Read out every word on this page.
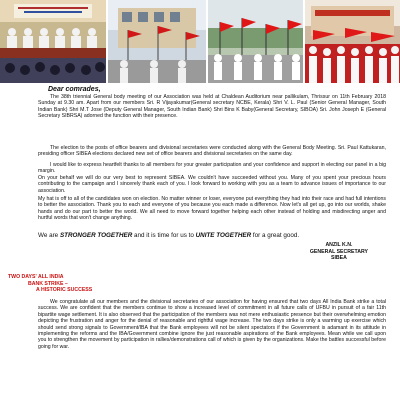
Dear comrades,

The 38th triennial General body meeting of our Association was held at Chaldean Auditorium near pallikulam, Thrissur on 11th February 2018 Sunday at 9.30 am. Apart from our members Sri. R Vijayakumar(General secretary NCBE, Kerala) Shri V. L. Paul (Senior General Manager, South Indian Bank) Shri M.T Jose (Deputy General Manager, South Indian Bank) Shri Bins K Baby(General Secretary, SIBOA) Sri. John Joseph E (General Secretary SIBRSA) adorned the function with their presence.

The election to the posts of office bearers and divisional secretaries were conducted along with the General Body Meeting. Sri. Paul Kattukaran, presiding officer SIBEA elections declared new set of office bearers and divisional secretaries on the same day.

I would like to express heartfelt thanks to all members for your greater participation and your confidence and support in electing our panel in a big margin.

On your behalf we will do our very best to represent SIBEA. We couldn't have succeeded without you. Many of you spent your precious hours contributing to the campaign and I sincerely thank each of you. I look forward to working with you as a team to advance issues of importance to our association.

My hat is off to all of the candidates won on election. No matter winner or loser, everyone put everything they had into their race and had full intentions to better the association. Thank you to each and everyone of you because you each made a difference. Now let's all get up, go into our worlds, shake hands and do our part to better the world. We all need to move forward together helping each other instead of holding and misdirecting anger and hurtful words that won't change anything.

We are STRONGER TOGETHER and it is time for us to UNITE TOGETHER for a great good.

ANZIL K.N.
GENERAL SECRETARY
SIBEA
TWO DAYS' ALL INDIA
BANK STRIKE –
A HISTORIC SUCCESS

We congratulate all our members and the divisional secretaries of our association for having ensured that two days All India Bank strike a total success. We are confident that the members continue to show a increased level of commitment in all future calls of UFBU in pursuit of a fair 11th bipartite wage settlement. It is also observed that the participation of the members was not mere enthusiastic presence but their overwhelming emotion depicting the frustration and anger for the denial of reasonable and rightful wage increase. The two days strike is only a warming up exercise which should send strong signals to Government/IBA that the Bank employees will not be silent spectators if the Government is adamant in its attitude in implementing the reforms and the IBA/Government combine ignore the just reasonable aspirations of the Bank employees. Mean while we call upon you to strengthen the movement by participation in rallies/demonstrations call of which is given by the organizations. Make the battles successful before going for war.
